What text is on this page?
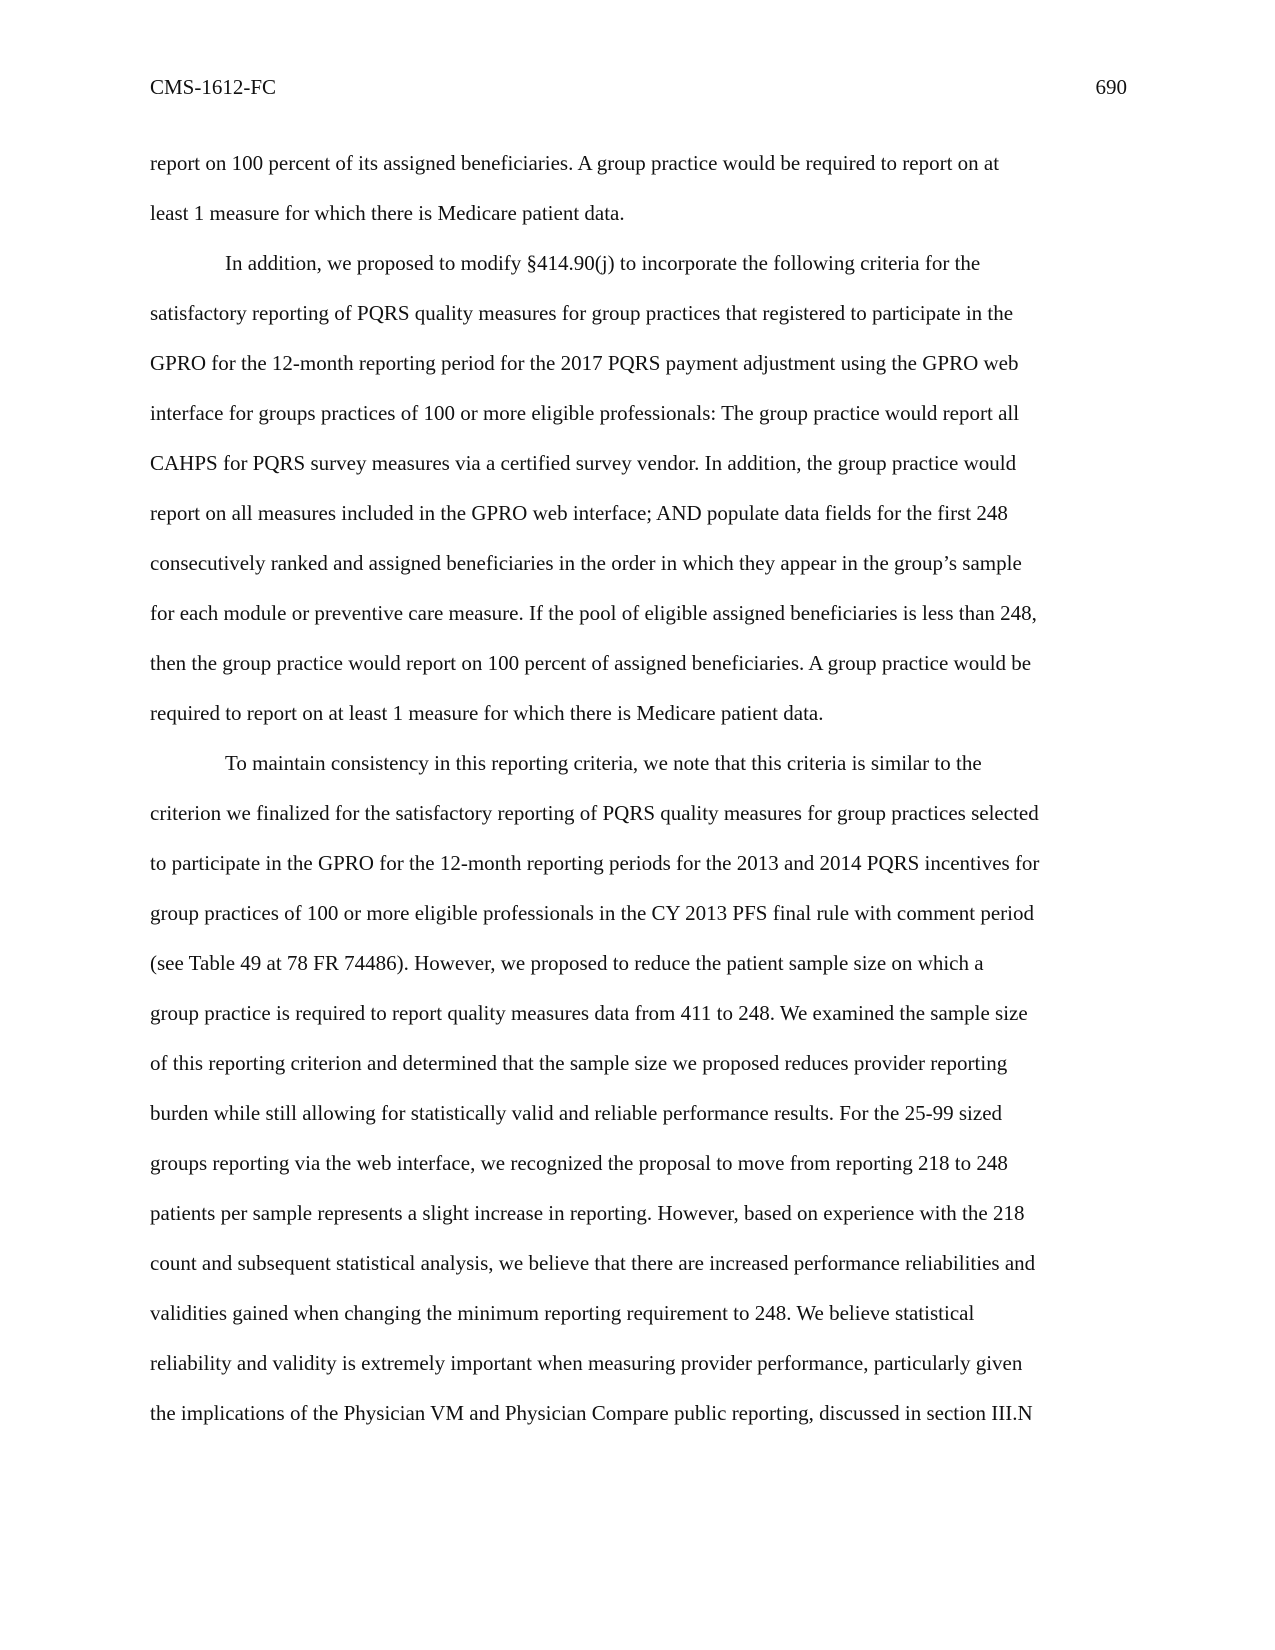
CMS-1612-FC	690
report on 100 percent of its assigned beneficiaries. A group practice would be required to report on at
least 1 measure for which there is Medicare patient data.
In addition, we proposed to modify §414.90(j) to incorporate the following criteria for the
satisfactory reporting of PQRS quality measures for group practices that registered to participate in the
GPRO for the 12-month reporting period for the 2017 PQRS payment adjustment using the GPRO web
interface for groups practices of 100 or more eligible professionals: The group practice would report all
CAHPS for PQRS survey measures via a certified survey vendor. In addition, the group practice would
report on all measures included in the GPRO web interface; AND populate data fields for the first 248
consecutively ranked and assigned beneficiaries in the order in which they appear in the group’s sample
for each module or preventive care measure. If the pool of eligible assigned beneficiaries is less than 248,
then the group practice would report on 100 percent of assigned beneficiaries. A group practice would be
required to report on at least 1 measure for which there is Medicare patient data.
To maintain consistency in this reporting criteria, we note that this criteria is similar to the
criterion we finalized for the satisfactory reporting of PQRS quality measures for group practices selected
to participate in the GPRO for the 12-month reporting periods for the 2013 and 2014 PQRS incentives for
group practices of 100 or more eligible professionals in the CY 2013 PFS final rule with comment period
(see Table 49 at 78 FR 74486). However, we proposed to reduce the patient sample size on which a
group practice is required to report quality measures data from 411 to 248. We examined the sample size
of this reporting criterion and determined that the sample size we proposed reduces provider reporting
burden while still allowing for statistically valid and reliable performance results. For the 25-99 sized
groups reporting via the web interface, we recognized the proposal to move from reporting 218 to 248
patients per sample represents a slight increase in reporting. However, based on experience with the 218
count and subsequent statistical analysis, we believe that there are increased performance reliabilities and
validities gained when changing the minimum reporting requirement to 248. We believe statistical
reliability and validity is extremely important when measuring provider performance, particularly given
the implications of the Physician VM and Physician Compare public reporting, discussed in section III.N
